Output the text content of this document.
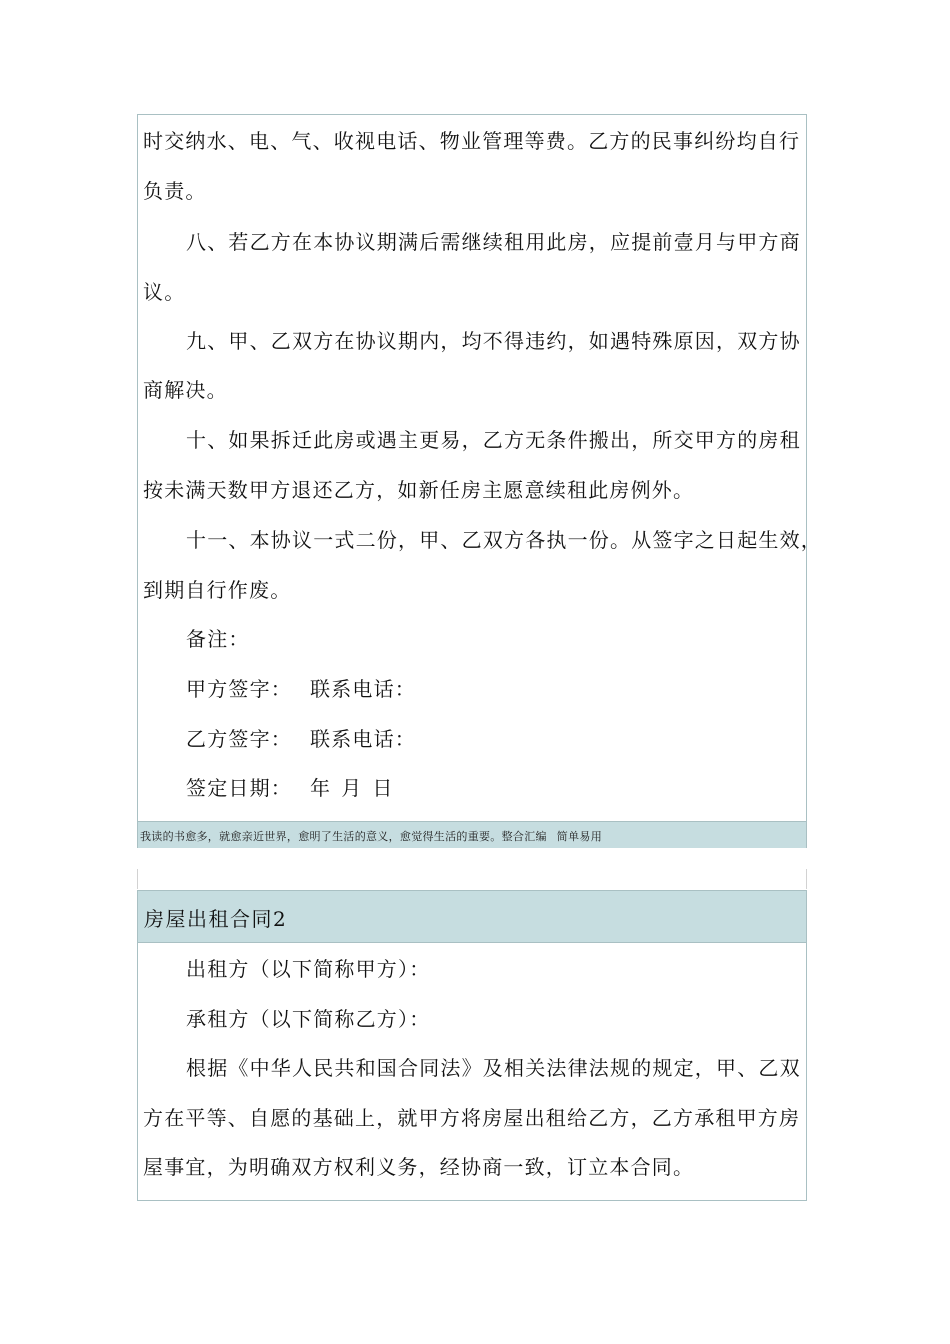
时交纳水、电、气、收视电话、物业管理等费。乙方的民事纠纷均自行

负责。

八、若乙方在本协议期满后需继续租用此房，应提前壹月与甲方商

议。

九、甲、乙双方在协议期内，均不得违约，如遇特殊原因，双方协

商解决。

十、如果拆迁此房或遇主更易，乙方无条件搬出，所交甲方的房租

按未满天数甲方退还乙方，如新任房主愿意续租此房例外。

十一、本协议一式二份，甲、乙双方各执一份。从签字之日起生效，

到期自行作废。

备注：

甲方签字： 联系电话：

乙方签字： 联系电话：

签定日期： 年 月 日

我读的书愈多，就愈亲近世界，愈明了生活的意义，愈觉得生活的重要。整合汇编 简单易用
房屋出租合同2

出租方（以下简称甲方）：

承租方（以下简称乙方）：

根据《中华人民共和国合同法》及相关法律法规的规定，甲、乙双

方在平等、自愿的基础上，就甲方将房屋出租给乙方，乙方承租甲方房

屋事宜，为明确双方权利义务，经协商一致，订立本合同。
